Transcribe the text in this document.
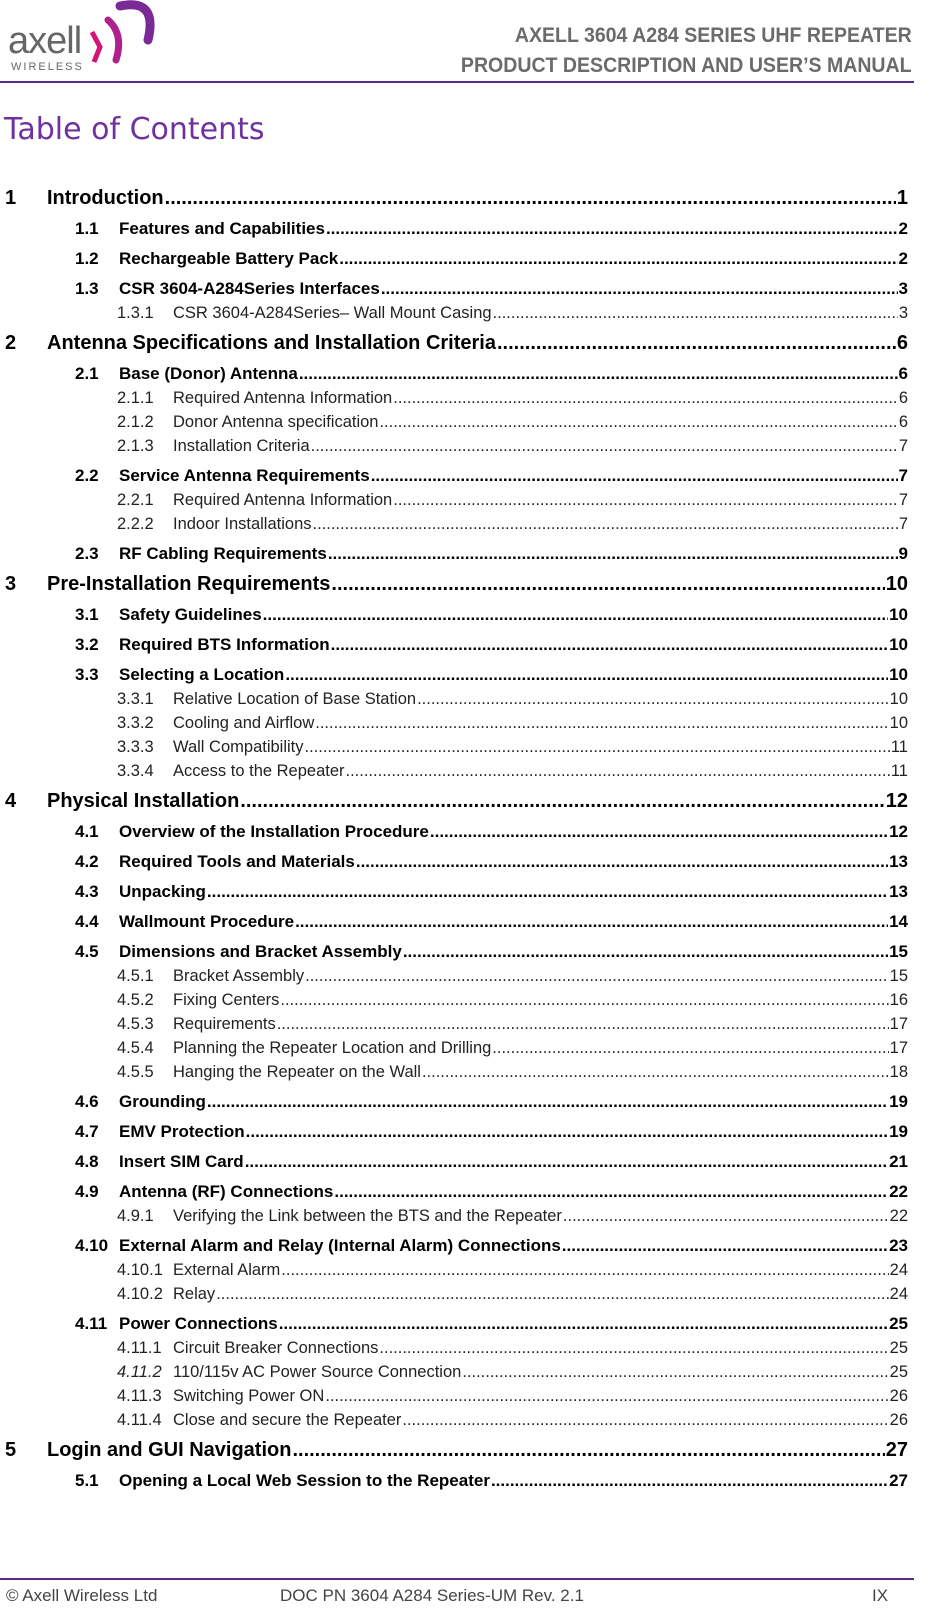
axell
WIRELESS
AXELL 3604 A284 SERIES UHF REPEATER
PRODUCT DESCRIPTION AND USER’S MANUAL
Table of Contents
1	Introduction .....	1
1.1	Features and Capabilities .....	2
1.2	Rechargeable Battery Pack .....	2
1.3	CSR 3604-A284Series Interfaces .....	3
1.3.1	CSR 3604-A284Series– Wall Mount Casing .....	3
2	Antenna Specifications and Installation Criteria .....	6
2.1	Base (Donor) Antenna .....	6
2.1.1	Required Antenna Information .....	6
2.1.2	Donor Antenna specification .....	6
2.1.3	Installation Criteria .....	7
2.2	Service Antenna Requirements .....	7
2.2.1	Required Antenna Information .....	7
2.2.2	Indoor Installations .....	7
2.3	RF Cabling Requirements .....	9
3	Pre-Installation Requirements .....	10
3.1	Safety Guidelines .....	10
3.2	Required BTS Information .....	10
3.3	Selecting a Location .....	10
3.3.1	Relative Location of Base Station .....	10
3.3.2	Cooling and Airflow .....	10
3.3.3	Wall Compatibility .....	11
3.3.4	Access to the Repeater .....	11
4	Physical Installation .....	12
4.1	Overview of the Installation Procedure .....	12
4.2	Required Tools and Materials .....	13
4.3	Unpacking .....	13
4.4	Wallmount Procedure .....	14
4.5	Dimensions and Bracket Assembly .....	15
4.5.1	Bracket Assembly .....	15
4.5.2	Fixing Centers .....	16
4.5.3	Requirements .....	17
4.5.4	Planning the Repeater Location and Drilling .....	17
4.5.5	Hanging the Repeater on the Wall .....	18
4.6	Grounding .....	19
4.7	EMV Protection .....	19
4.8	Insert SIM Card .....	21
4.9	Antenna (RF) Connections .....	22
4.9.1	Verifying the Link between the BTS and the Repeater .....	22
4.10 External Alarm and Relay (Internal Alarm) Connections .....	23
4.10.1 External Alarm .....	24
4.10.2 Relay .....	24
4.11 Power Connections .....	25
4.11.1 Circuit Breaker Connections .....	25
4.11.2 110/115v AC Power Source Connection .....	25
4.11.3 Switching Power ON .....	26
4.11.4 Close and secure the Repeater .....	26
5	Login and GUI Navigation .....	27
5.1	Opening a Local Web Session to the Repeater .....	27
© Axell Wireless Ltd	DOC PN 3604 A284 Series-UM Rev. 2.1	IX
